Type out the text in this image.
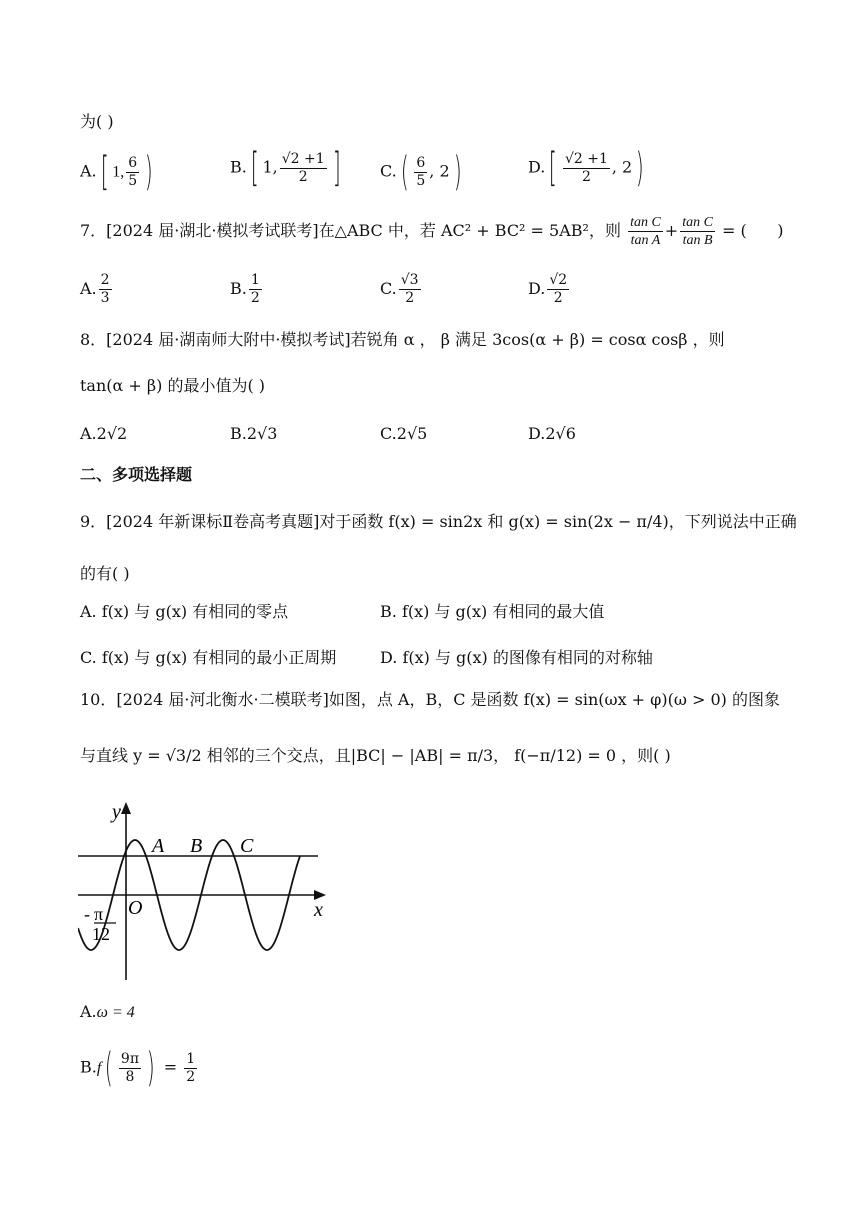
为( )
A.[ 1, $\frac{6}{5}$ )	B.[ 1, $\frac{√2 +1}{2}$ ] $C.( \frac{6}{5}$ , 2)	$D.[ \frac{√2 +1}{2}$ , 2)
7．[2024 届·湖北·模拟考试联考]在△ABC 中，若 AC² + BC² = 5AB²，则 $\frac{\text{tan C}}{\text{tan A}} + \frac{\text{tan C}}{\text{tan B}}$ = (      )
A. $\frac{2}{3}$	B. $\frac{1}{2}$	C. $\frac{√3}{2}$	D. $\frac{√2}{2}$
8．[2024 届·湖南师大附中·模拟考试]若锐角 α ， β 满足 3cos(α + β) = cosα cosβ ，则
tan(α + β) 的最小值为( )
A.2√2	B.2√3	C.2√5	D.2√6
二、多项选择题
9．[2024 年新课标Ⅱ卷高考真题]对于函数 f(x) = sin2x 和 g(x) = sin(2x − π/4)，下列说法中正确
的有( )
A. f(x) 与 g(x) 有相同的零点	B. f(x) 与 g(x) 有相同的最大值
C. f(x) 与 g(x) 有相同的最小正周期	D. f(x) 与 g(x) 的图像有相同的对称轴
10．[2024 届·河北衡水·二模联考]如图，点 A，B，C 是函数 f(x) = sin(ωx + φ)(ω > 0) 的图象
与直线 y = √3/2 相邻的三个交点，且|BC| − |AB| = π/3， f(−π/12) = 0 ，则( )
y
x
O
A B C
- π
12
A.ω = 4
$B.f( \frac{9\pi}{8}$ ) = $\frac{1}{2}$
